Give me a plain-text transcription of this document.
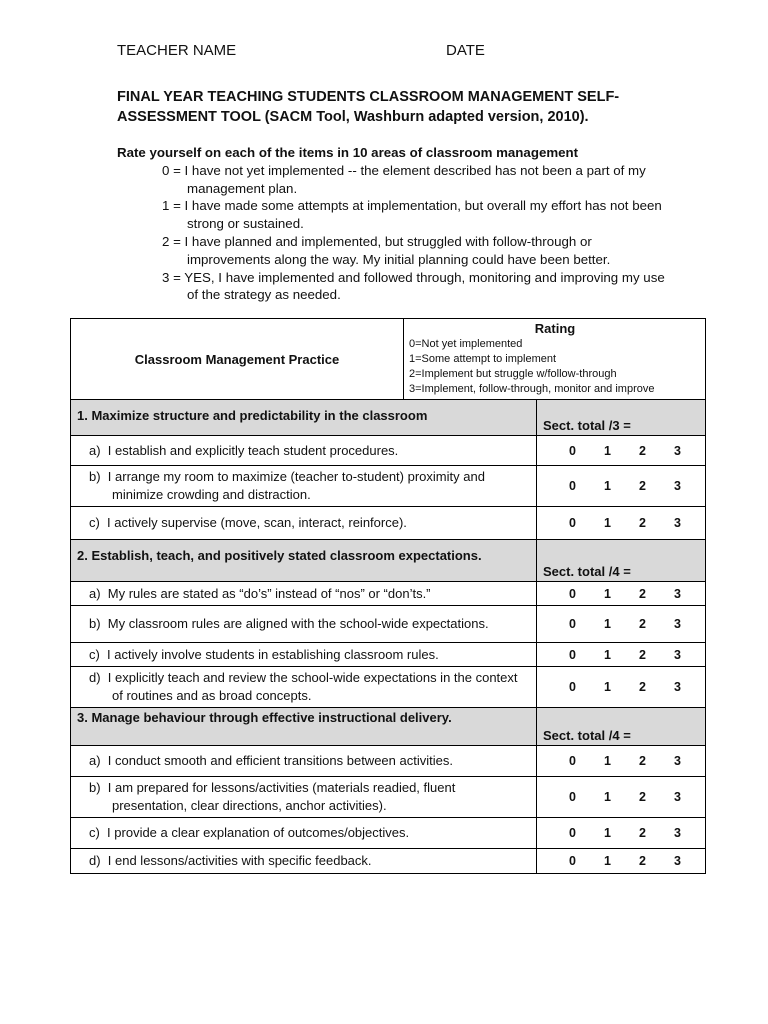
TEACHER NAME	DATE
FINAL YEAR TEACHING STUDENTS CLASSROOM MANAGEMENT SELF-ASSESSMENT TOOL (SACM Tool, Washburn adapted version, 2010).
Rate yourself on each of the items in 10 areas of classroom management
0 = I have not yet implemented -- the element described has not been a part of my management plan.
1 = I have made some attempts at implementation, but overall my effort has not been strong or sustained.
2 = I have planned and implemented, but struggled with follow-through or improvements along the way. My initial planning could have been better.
3 = YES, I have implemented and followed through, monitoring and improving my use of the strategy as needed.
Classroom Management Practice	Rating
0=Not yet implemented
1=Some attempt to implement
2=Implement but struggle w/follow-through
3=Implement, follow-through, monitor and improve	

1. Maximize structure and predictability in the classroom		Sect. total /3 =
a)  I establish and explicitly teach student procedures.		0 1 2 3

b)  I arrange my room to maximize (teacher to-student) proximity and minimize crowding and distraction.		0 1 2 3

c)  I actively supervise (move, scan, interact, reinforce).		0 1 2 3

2. Establish, teach, and positively stated classroom expectations.		Sect. total /4 =
a)  My rules are stated as “do’s” instead of “nos” or “don’ts.”		0 1 2 3

b)  My classroom rules are aligned with the school-wide expectations.		0 1 2 3

c)  I actively involve students in establishing classroom rules.		0 1 2 3

d)  I explicitly teach and review the school-wide expectations in the context of routines and as broad concepts.		0 1 2 3

3. Manage behaviour through effective instructional delivery.		Sect. total /4 =
a)  I conduct smooth and efficient transitions between activities.		0 1 2 3

b)  I am prepared for lessons/activities (materials readied, fluent presentation, clear directions, anchor activities).		0 1 2 3

c)  I provide a clear explanation of outcomes/objectives.		0 1 2 3

d)  I end lessons/activities with specific feedback.		0 1 2 3
